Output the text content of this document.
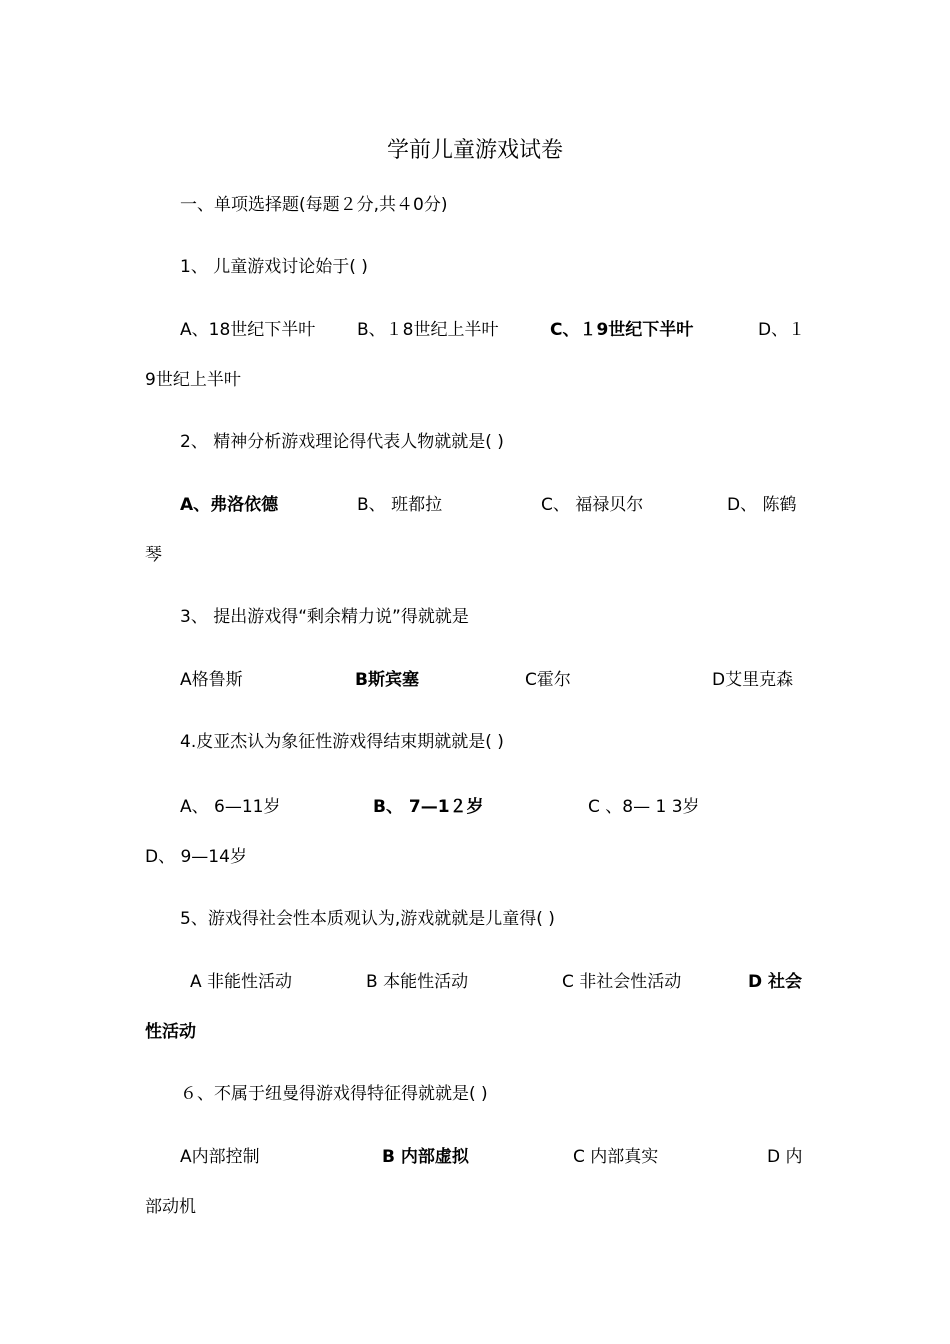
学前儿童游戏试卷
一、单项选择题(每题２分,共４0分)
1、 儿童游戏讨论始于( )
A、18世纪下半叶 B、１8世纪上半叶	C、１9世纪下半叶	D、１
9世纪上半叶
2、 精神分析游戏理论得代表人物就就是( )
A、弗洛依德	B、 班都拉	C、 福禄贝尔	D、 陈鹤
琴
3、 提出游戏得“剩余精力说”得就就是
A格鲁斯	B斯宾塞	C霍尔	D艾里克森
4.皮亚杰认为象征性游戏得结束期就就是( )
A、 6—11岁	B、 7—1２岁	C 、8— 1 3岁
D、 9—14岁
5、游戏得社会性本质观认为,游戏就就是儿童得( )
A 非能性活动	B 本能性活动	C 非社会性活动	D 社会
性活动
６、不属于纽曼得游戏得特征得就就是( )
A内部控制	B 内部虚拟	C 内部真实	D 内
部动机
